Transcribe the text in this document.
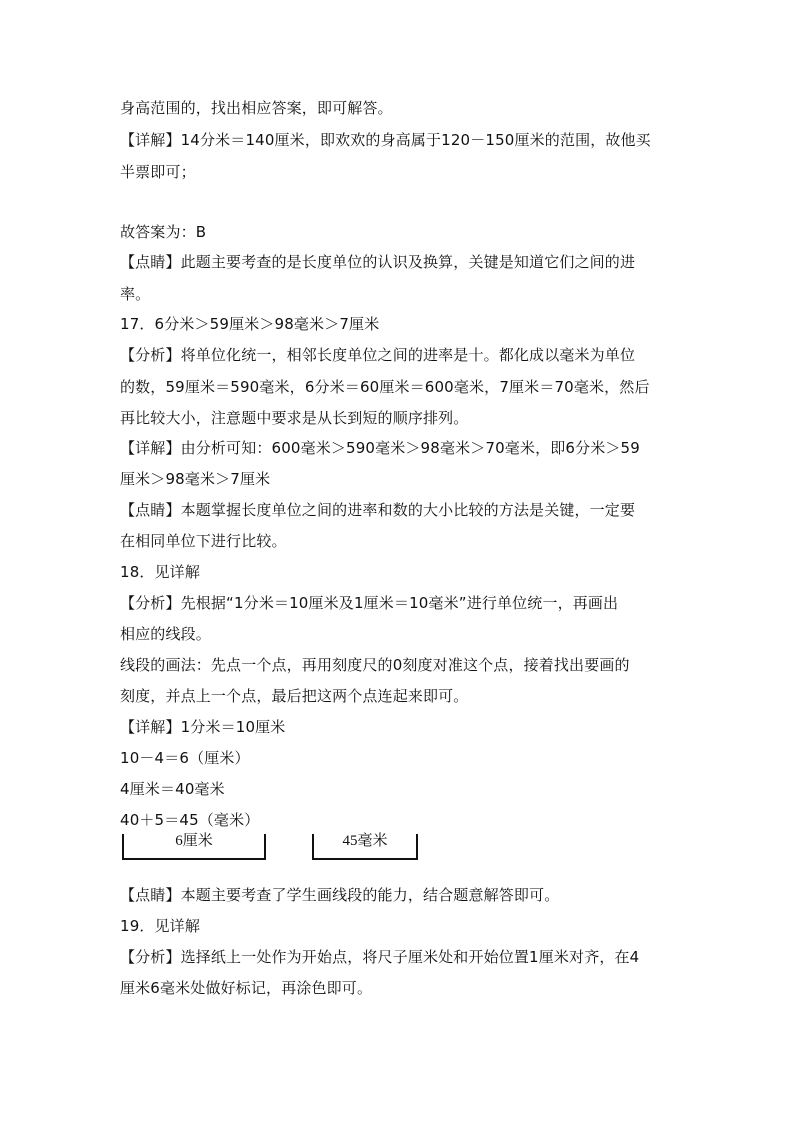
身高范围的，找出相应答案，即可解答。
【详解】14分米＝140厘米，即欢欢的身高属于120－150厘米的范围，故他买
半票即可；
故答案为：B
【点睛】此题主要考查的是长度单位的认识及换算，关键是知道它们之间的进
率。
17．6分米＞59厘米＞98毫米＞7厘米
【分析】将单位化统一，相邻长度单位之间的进率是十。都化成以毫米为单位
的数，59厘米＝590毫米，6分米＝60厘米＝600毫米，7厘米＝70毫米，然后
再比较大小，注意题中要求是从长到短的顺序排列。
【详解】由分析可知：600毫米＞590毫米＞98毫米＞70毫米，即6分米＞59
厘米＞98毫米＞7厘米
【点睛】本题掌握长度单位之间的进率和数的大小比较的方法是关键，一定要
在相同单位下进行比较。
18．见详解
【分析】先根据“1分米＝10厘米及1厘米＝10毫米”进行单位统一，再画出
相应的线段。
线段的画法：先点一个点，再用刻度尺的0刻度对准这个点，接着找出要画的
刻度，并点上一个点，最后把这两个点连起来即可。
【详解】1分米＝10厘米
10－4＝6（厘米）
4厘米＝40毫米
40＋5＝45（毫米）
6厘米	45毫米
【点睛】本题主要考查了学生画线段的能力，结合题意解答即可。
19．见详解
【分析】选择纸上一处作为开始点，将尺子厘米处和开始位置1厘米对齐，在4
厘米6毫米处做好标记，再涂色即可。
